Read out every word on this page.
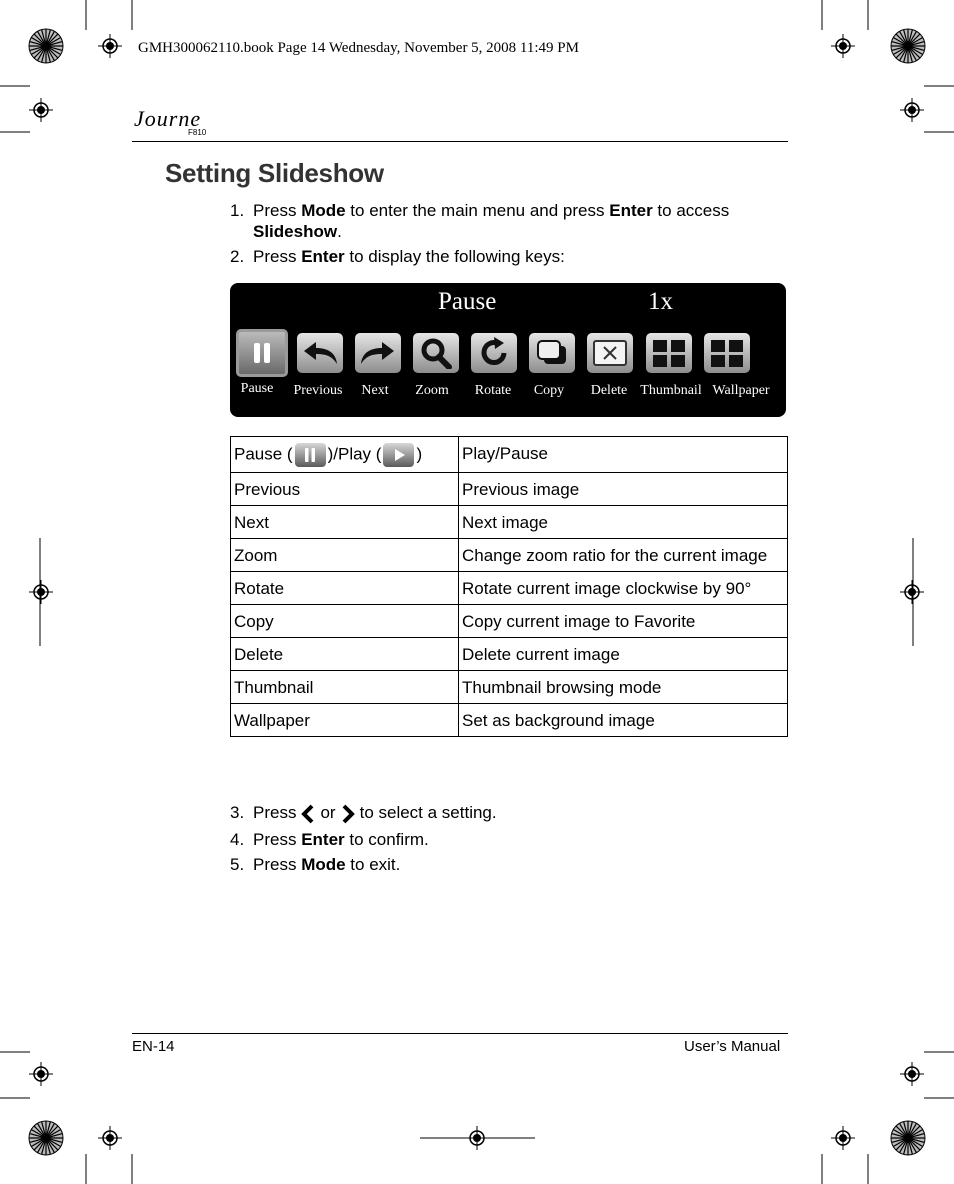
GMH300062110.book Page 14 Wednesday, November 5, 2008 11:49 PM
Journe
F810
Setting Slideshow
1. Press Mode to enter the main menu and press Enter to access
Slideshow.
2. Press Enter to display the following keys:
Pause	1x
Pause Previous Next Zoom Rotate Copy Delete Thumbnail Wallpaper
Pause ( )/Play ( )	Play/Pause
Previous	Previous image
Next	Next image
Zoom	Change zoom ratio for the current image
Rotate	Rotate current image clockwise by 90°
Copy	Copy current image to Favorite
Delete	Delete current image
Thumbnail	Thumbnail browsing mode
Wallpaper	Set as background image
3. Press or to select a setting.
4. Press Enter to confirm.
5. Press Mode to exit.
EN-14	User’s Manual
